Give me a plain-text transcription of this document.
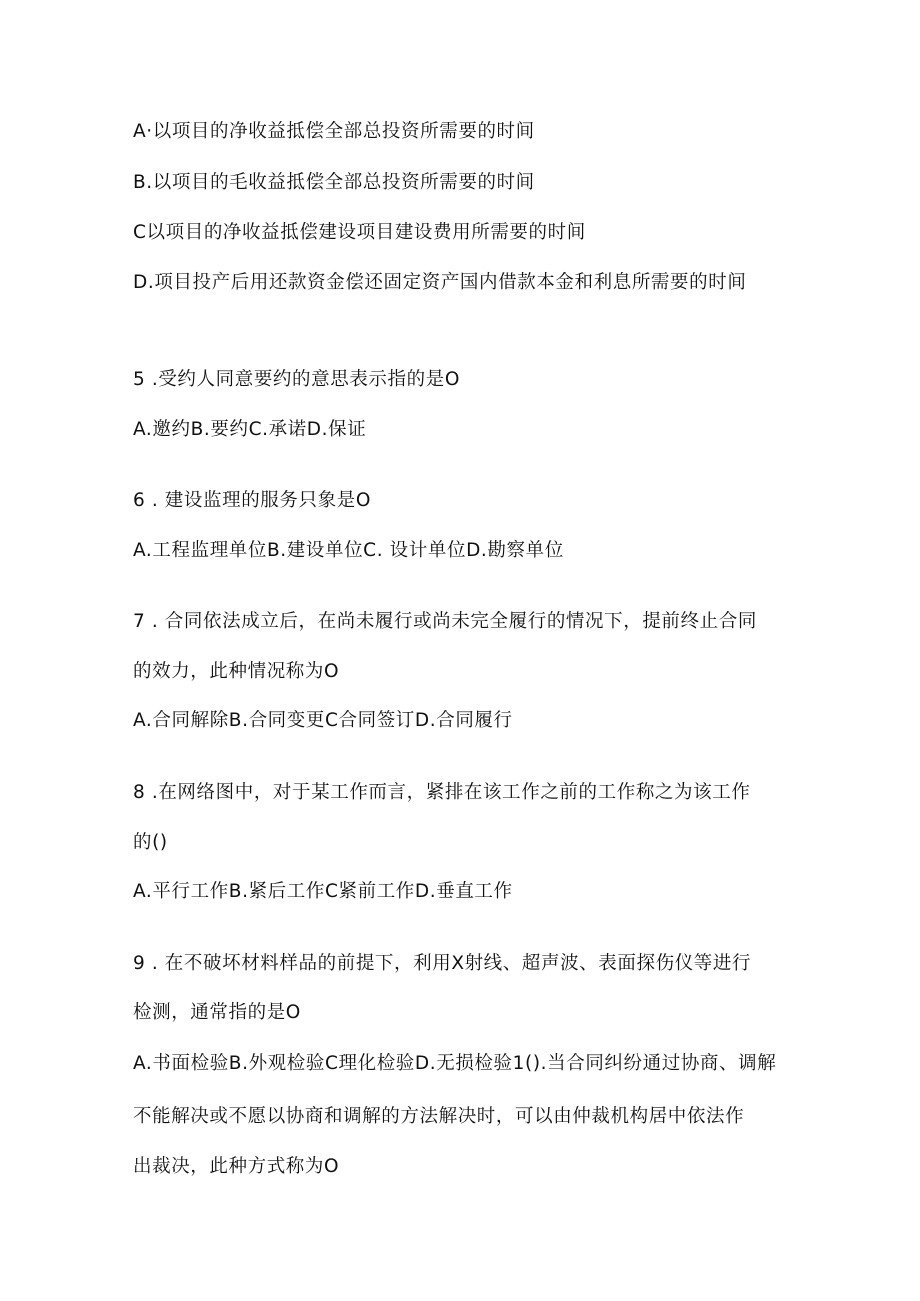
A·以项目的净收益抵偿全部总投资所需要的时间
B.以项目的毛收益抵偿全部总投资所需要的时间
C以项目的净收益抵偿建设项目建设费用所需要的时间
D.项目投产后用还款资金偿还固定资产国内借款本金和利息所需要的时间
5 .受约人同意要约的意思表示指的是O
A.邀约B.要约C.承诺D.保证
6 . 建设监理的服务只象是O
A.工程监理单位B.建设单位C. 设计单位D.勘察单位
7 . 合同依法成立后，在尚未履行或尚未完全履行的情况下，提前终止合同
的效力，此种情况称为O
A.合同解除B.合同变更C合同签订D.合同履行
8 .在网络图中，对于某工作而言，紧排在该工作之前的工作称之为该工作
的()
A.平行工作B.紧后工作C紧前工作D.垂直工作
9 . 在不破坏材料样品的前提下，利用X射线、超声波、表面探伤仪等进行
检测，通常指的是O
A.书面检验B.外观检验C理化检验D.无损检验1().当合同纠纷通过协商、调解
不能解决或不愿以协商和调解的方法解决时，可以由仲裁机构居中依法作
出裁决，此种方式称为O
